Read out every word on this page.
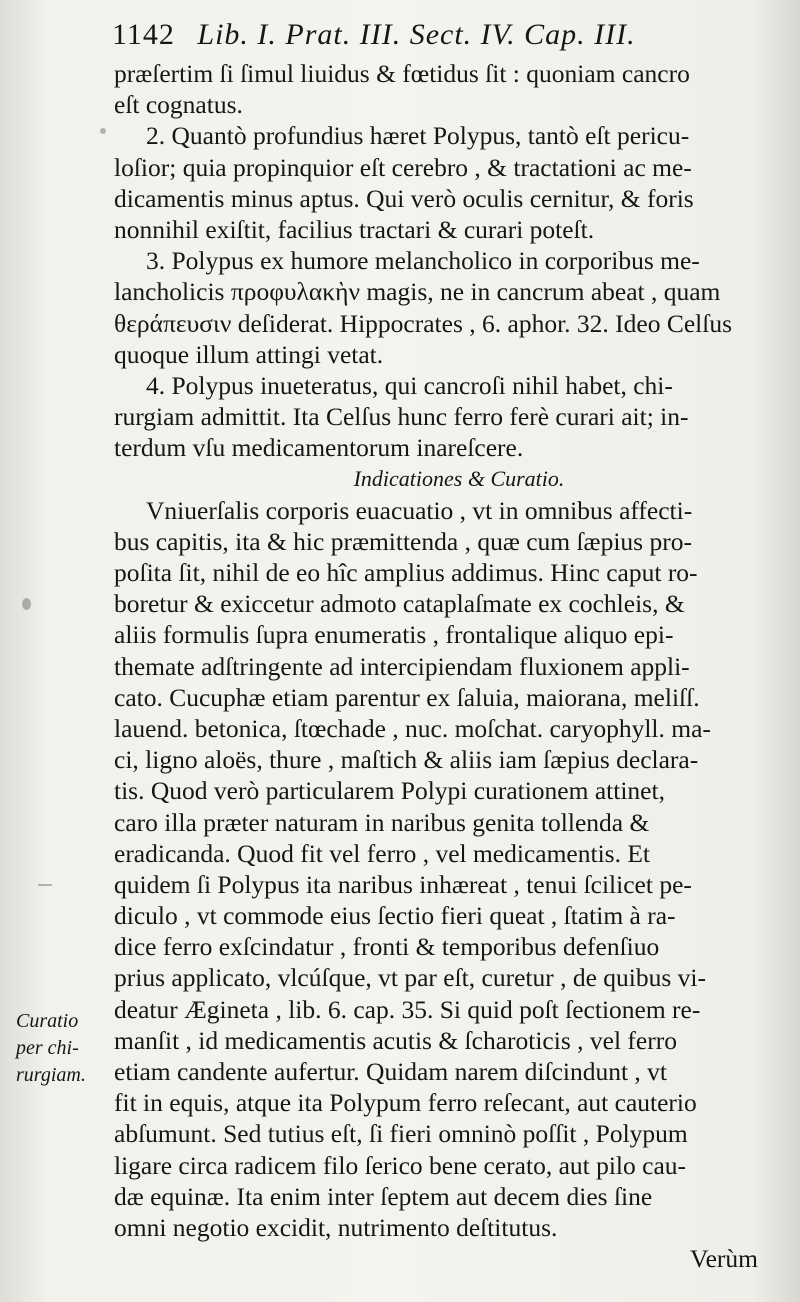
1142 Lib. I. Prat. III. Sect. IV. Cap. III.
præſertim ſi ſimul liuidus & fœtidus ſit : quoniam cancro
eſt cognatus.
2. Quantò profundius hæret Polypus, tantò eſt pericu-
loſior; quia propinquior eſt cerebro , & tractationi ac me-
dicamentis minus aptus. Qui verò oculis cernitur, & foris
nonnihil exiſtit, facilius tractari & curari poteſt.
3. Polypus ex humore melancholico in corporibus me-
lancholicis προφυλακὴν magis, ne in cancrum abeat , quam
θεράπευσιν deſiderat. Hippocrates , 6. aphor. 32. Ideo Celſus
quoque illum attingi vetat.
4. Polypus inueteratus, qui cancroſi nihil habet, chi-
rurgiam admittit. Ita Celſus hunc ferro ferè curari ait; in-
terdum vſu medicamentorum inareſcere.
Indicationes & Curatio.
Vniuerſalis corporis euacuatio , vt in omnibus affecti-
bus capitis, ita & hic præmittenda , quæ cum ſæpius pro-
poſita ſit, nihil de eo hîc amplius addimus. Hinc caput ro-
boretur & exiccetur admoto cataplaſmate ex cochleis, &
aliis formulis ſupra enumeratis , frontalique aliquo epi-
themate adſtringente ad intercipiendam fluxionem appli-
cato. Cucuphæ etiam parentur ex ſaluia, maiorana, meliſſ.
lauend. betonica, ſtœchade , nuc. moſchat. caryophyll. ma-
ci, ligno aloës, thure , maſtich & aliis iam ſæpius declara-
tis. Quod verò particularem Polypi curationem attinet,
caro illa præter naturam in naribus genita tollenda &
eradicanda. Quod fit vel ferro , vel medicamentis. Et
quidem ſi Polypus ita naribus inhæreat , tenui ſcilicet pe-
diculo , vt commode eius ſectio fieri queat , ſtatim à ra-
dice ferro exſcindatur , fronti & temporibus defenſiuo
prius applicato, vlcúſque, vt par eſt, curetur , de quibus vi-
deatur Ægineta , lib. 6. cap. 35. Si quid poſt ſectionem re-
manſit , id medicamentis acutis & ſcharoticis , vel ferro
etiam candente aufertur. Quidam narem diſcindunt , vt
fit in equis, atque ita Polypum ferro reſecant, aut cauterio
abſumunt. Sed tutius eſt, ſi fieri omninò poſſit , Polypum
ligare circa radicem filo ſerico bene cerato, aut pilo cau-
dæ equinæ. Ita enim inter ſeptem aut decem dies ſine
omni negotio excidit, nutrimento deſtitutus.
Verùm
Curatio
per chi-
rurgiam.
